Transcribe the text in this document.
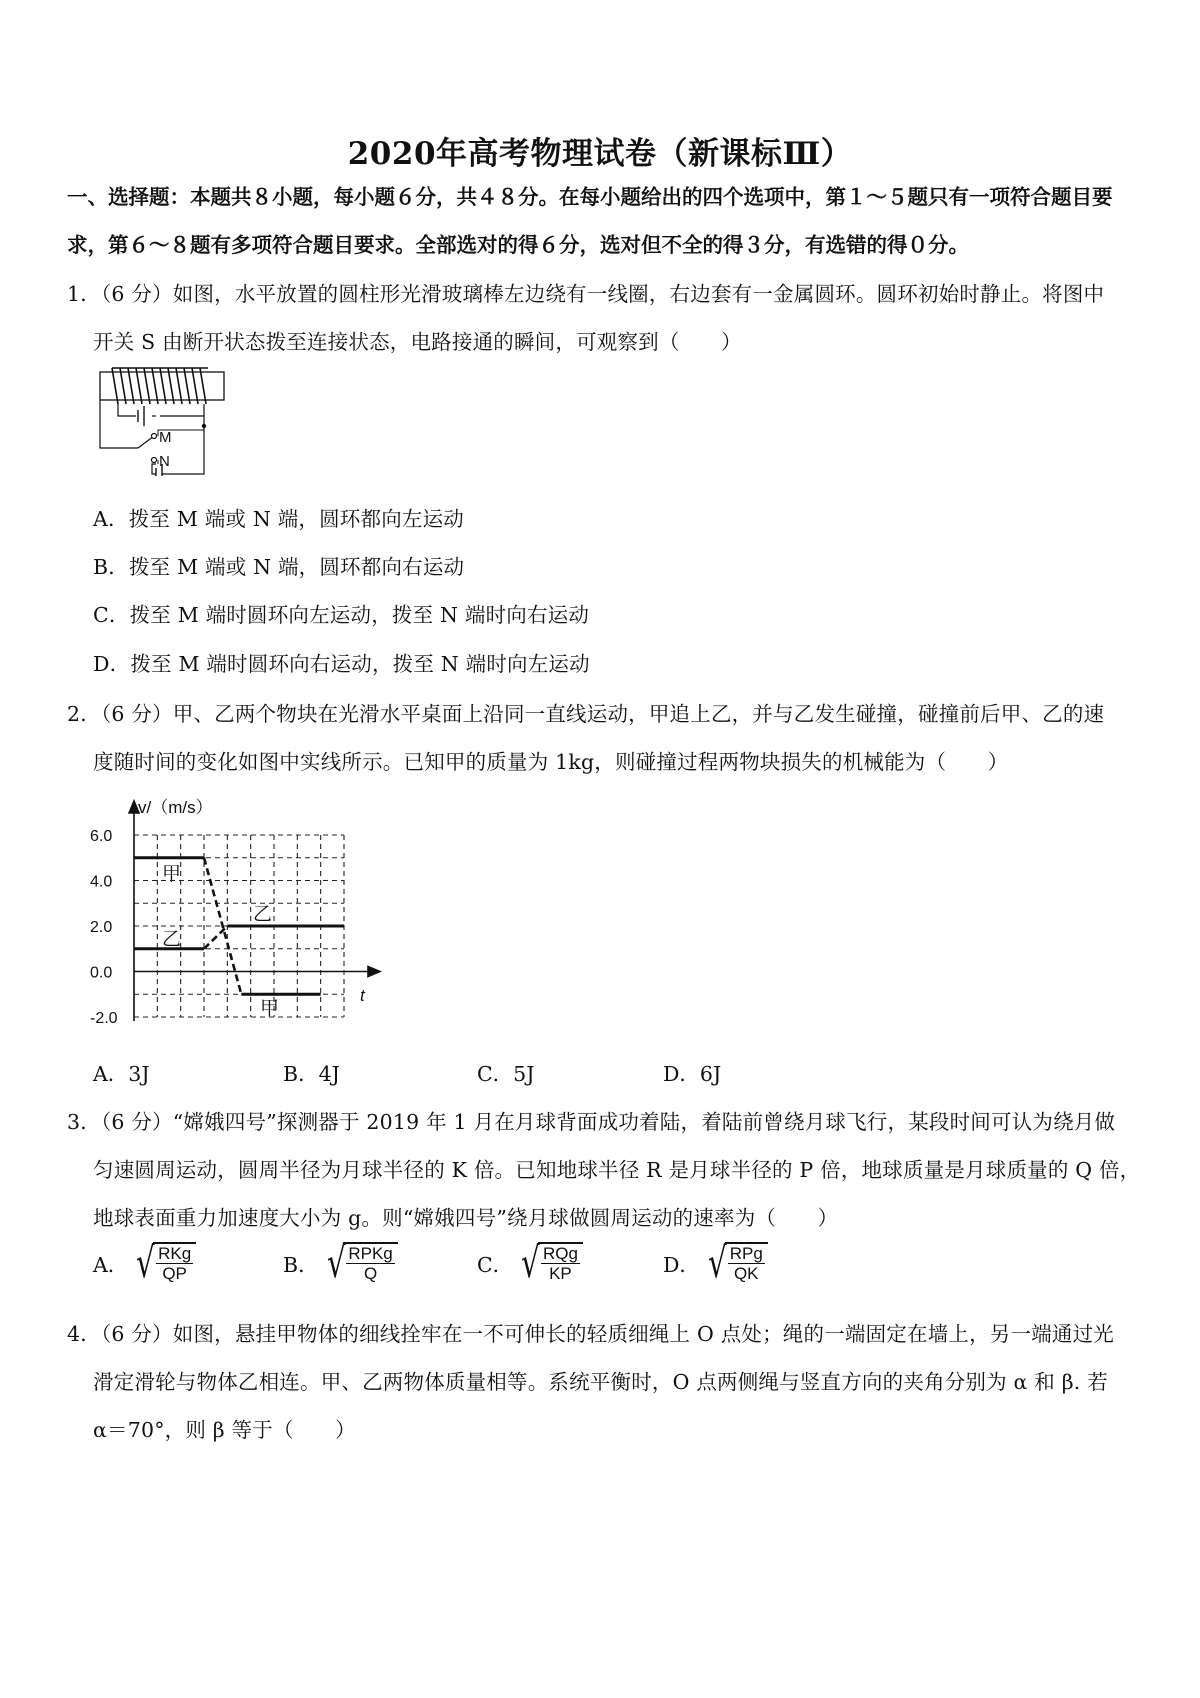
2020年高考物理试卷（新课标Ⅲ）
一、选择题：本题共８小题，每小题６分，共４８分。在每小题给出的四个选项中，第１～５题只有一项符合题目要
求，第６～８题有多项符合题目要求。全部选对的得６分，选对但不全的得３分，有选错的得０分。
1．（6 分）如图，水平放置的圆柱形光滑玻璃棒左边绕有一线圈，右边套有一金属圆环。圆环初始时静止。将图中
开关 S 由断开状态拨至连接状态，电路接通的瞬间，可观察到（　　）
M
N
A．拨至 M 端或 N 端，圆环都向左运动
B．拨至 M 端或 N 端，圆环都向右运动
C．拨至 M 端时圆环向左运动，拨至 N 端时向右运动
D．拨至 M 端时圆环向右运动，拨至 N 端时向左运动
2．（6 分）甲、乙两个物块在光滑水平桌面上沿同一直线运动，甲追上乙，并与乙发生碰撞，碰撞前后甲、乙的速
度随时间的变化如图中实线所示。已知甲的质量为 1kg，则碰撞过程两物块损失的机械能为（　　）
6.0
4.0
2.0
0.0
-2.0
v/（m/s）
t
甲
乙
乙
甲
A．3J	B．4J	C．5J	D．6J
3．（6 分）“嫦娥四号”探测器于 2019 年 1 月在月球背面成功着陆，着陆前曾绕月球飞行，某段时间可认为绕月做
匀速圆周运动，圆周半径为月球半径的 K 倍。已知地球半径 R 是月球半径的 P 倍，地球质量是月球质量的 Q 倍，
地球表面重力加速度大小为 g。则“嫦娥四号”绕月球做圆周运动的速率为（　　）
A． √
$\frac{\text{RKg}}{QP}$	B． √
$\frac{\text{RPKg}}{Q}$	C． √
$\frac{\text{RQg}}{KP}$	D． √
$\frac{\text{RPg}}{QK}$
4．（6 分）如图，悬挂甲物体的细线拴牢在一不可伸长的轻质细绳上 O 点处；绳的一端固定在墙上，另一端通过光
滑定滑轮与物体乙相连。甲、乙两物体质量相等。系统平衡时，O 点两侧绳与竖直方向的夹角分别为 α 和 β. 若
α＝70°，则 β 等于（　　）
